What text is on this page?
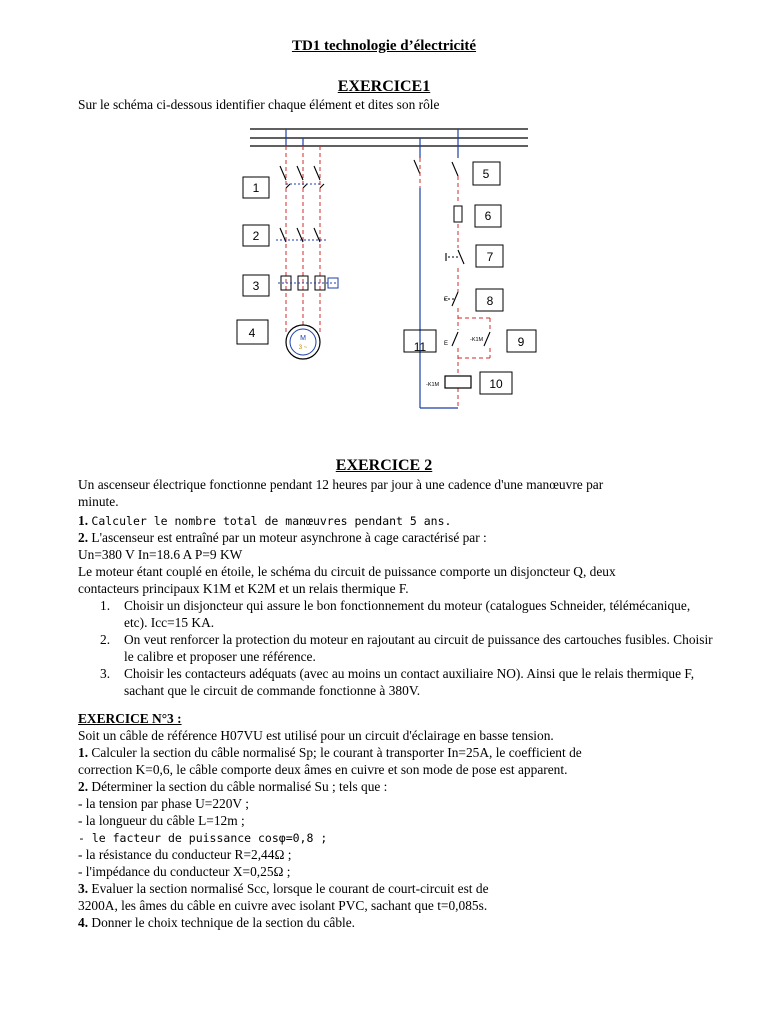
TD1 technologie d’électricité
EXERCICE1
Sur le schéma ci-dessous identifier chaque élément et dites son rôle
M
3 ~
E
E
-K1M
-K1M
1
2
3
4
5
6
7
8
9
10
11
EXERCICE 2
Un ascenseur électrique fonctionne pendant 12 heures par jour à une cadence d'une manœuvre par
minute.
1. Calculer le nombre total de manœuvres pendant 5 ans.
2. L'ascenseur est entraîné par un moteur asynchrone à cage caractérisé par :
Un=380 V In=18.6 A P=9 KW
Le moteur étant couplé en étoile, le schéma du circuit de puissance comporte un disjoncteur Q, deux
contacteurs principaux K1M et K2M et un relais thermique F.
1.	Choisir un disjoncteur qui assure le bon fonctionnement du moteur (catalogues Schneider, télémécanique, etc). Icc=15 KA.
2.	On veut renforcer la protection du moteur en rajoutant au circuit de puissance des cartouches fusibles. Choisir le calibre et proposer une référence.
3.	Choisir les contacteurs adéquats (avec au moins un contact auxiliaire NO). Ainsi que le relais thermique F, sachant que le circuit de commande fonctionne à 380V.
EXERCICE N°3 :
Soit un câble de référence H07VU est utilisé pour un circuit d'éclairage en basse tension.
1. Calculer la section du câble normalisé Sp; le courant à transporter In=25A, le coefficient de
correction K=0,6, le câble comporte deux âmes en cuivre et son mode de pose est apparent.
2. Déterminer la section du câble normalisé Su ; tels que :
- la tension par phase U=220V ;
- la longueur du câble L=12m ;
- le facteur de puissance cosφ=0,8 ;
- la résistance du conducteur R=2,44Ω ;
- l'impédance du conducteur X=0,25Ω ;
3. Evaluer la section normalisé Scc, lorsque le courant de court-circuit est de
3200A, les âmes du câble en cuivre avec isolant PVC, sachant que t=0,085s.
4. Donner le choix technique de la section du câble.
